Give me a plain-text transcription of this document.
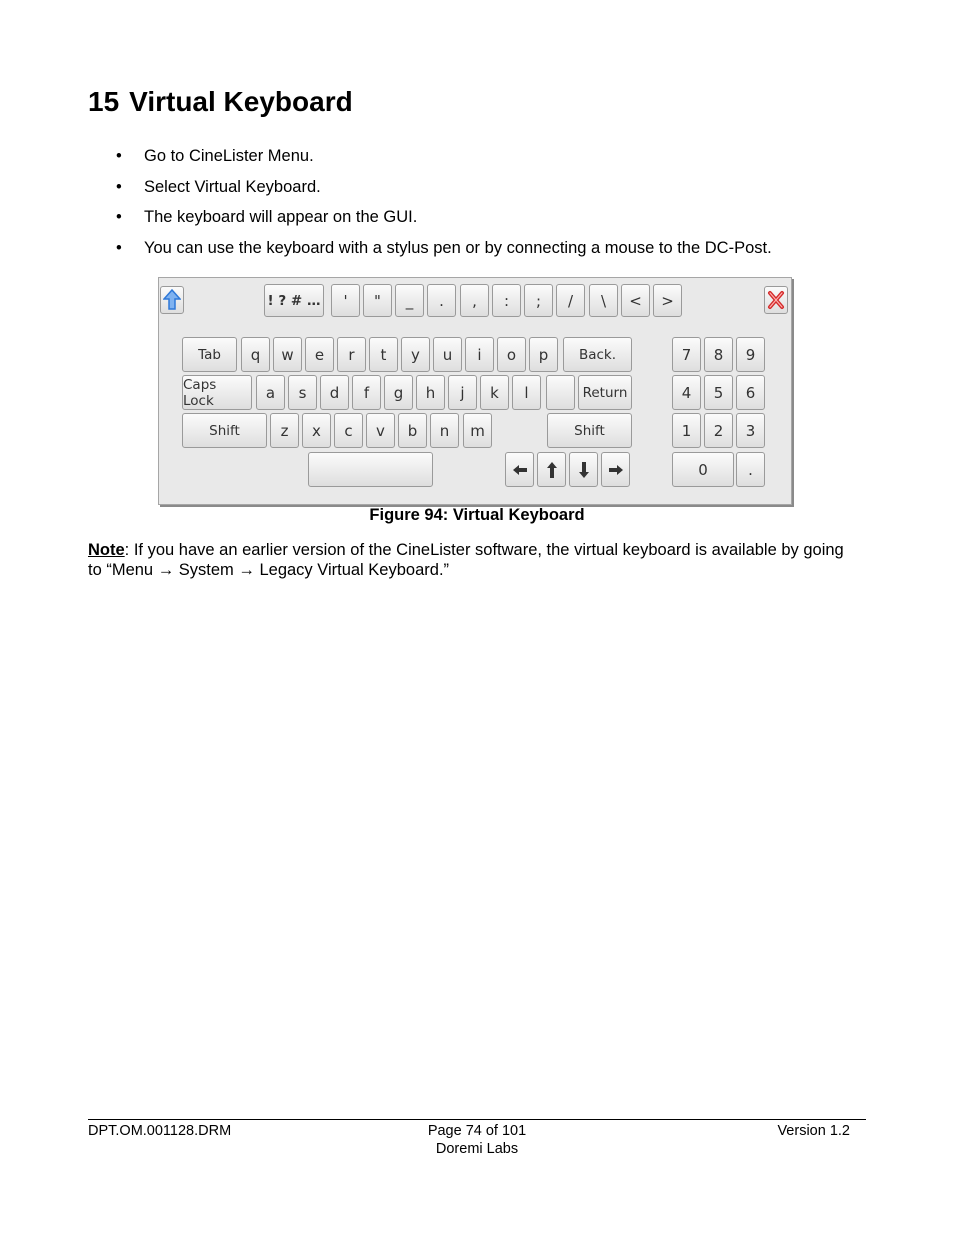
15 Virtual Keyboard
• Go to CineLister Menu.
• Select Virtual Keyboard.
• The keyboard will appear on the GUI.
• You can use the keyboard with a stylus pen or by connecting a mouse to the DC-Post.
! ? # …	'	"	_	.	,	:	;	/	\	<	>
Tab	q	w	e	r	t	y	u	i	o	p	Back.
Caps Lock	a	s	d	f	g	h	j	k	l	Return
Shift	z	x	c	v	b	n	m	Shift
7	8	9
4	5	6
1	2	3
0	.
Figure 94: Virtual Keyboard

Note: If you have an earlier version of the CineLister software, the virtual keyboard is available by going to “Menu → System → Legacy Virtual Keyboard.”

DPT.OM.001128.DRM	Page 74 of 101
Doremi Labs
Version 1.2
